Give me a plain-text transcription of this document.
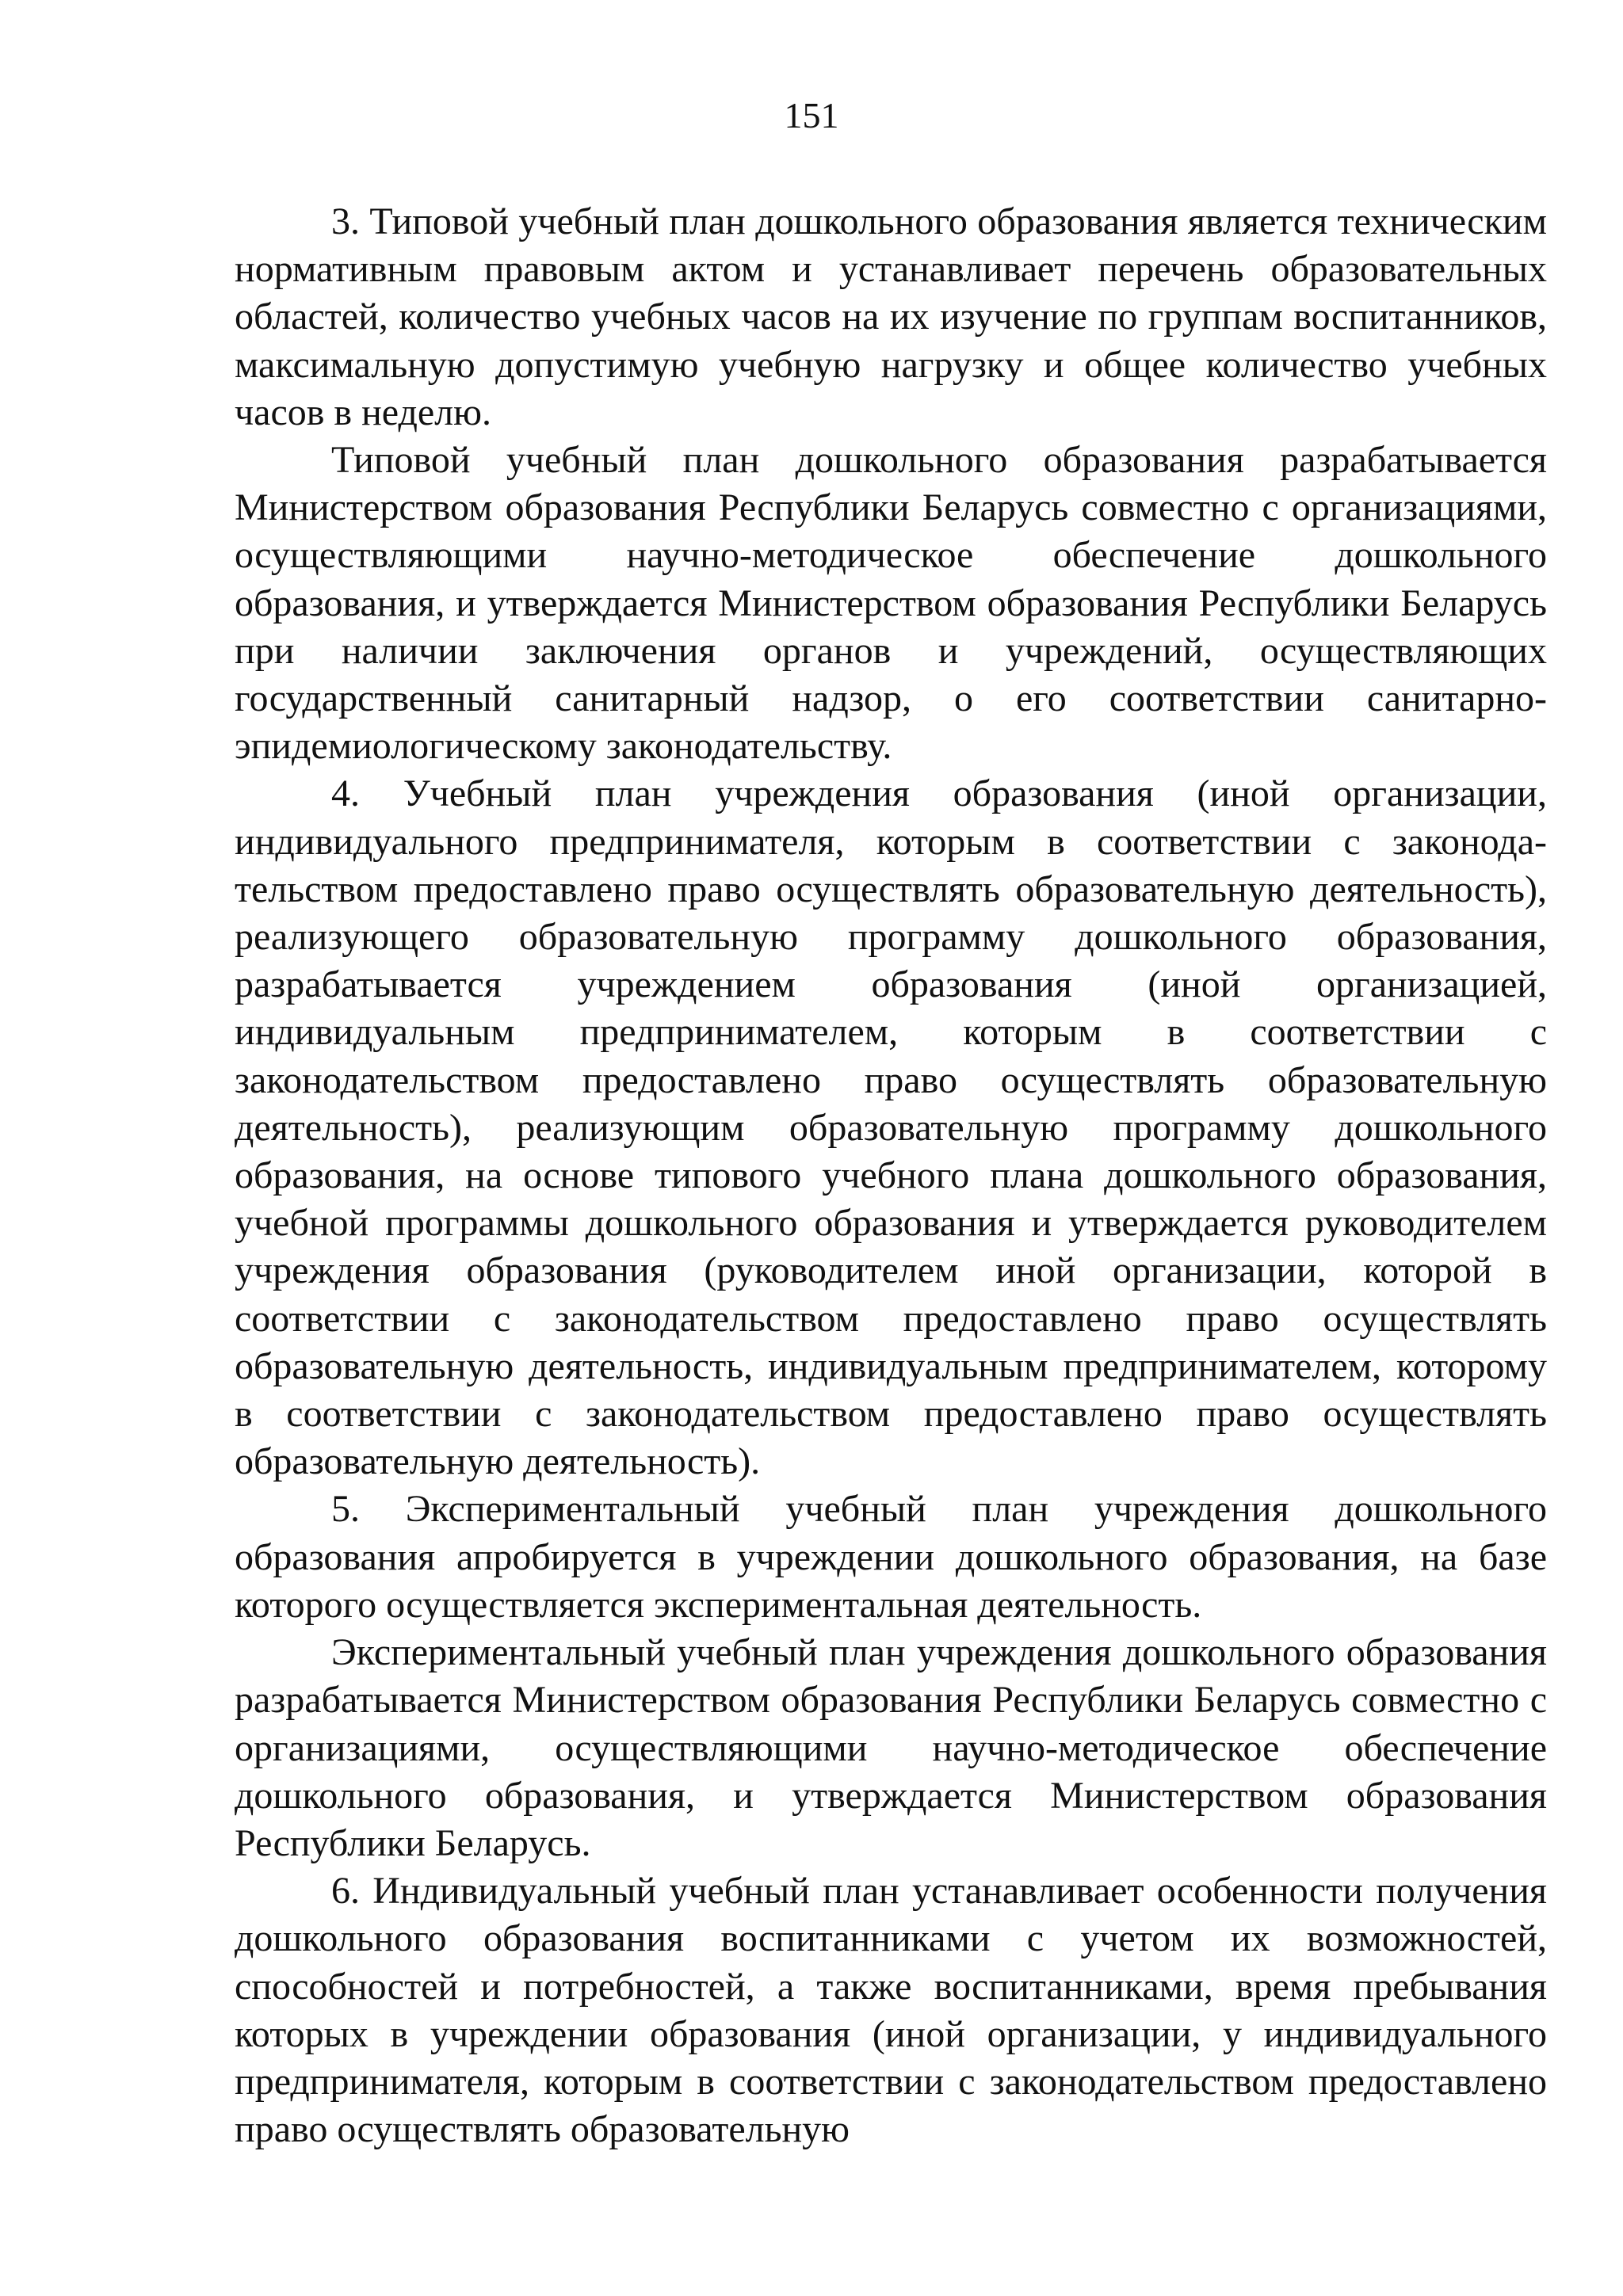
151

3. Типовой учебный план дошкольного образования является техническим нормативным правовым актом и устанавливает перечень образовательных областей, количество учебных часов на их изучение по группам воспитанников, максимальную допустимую учебную нагрузку и общее количество учебных часов в неделю.

Типовой учебный план дошкольного образования разрабатывается Министерством образования Республики Беларусь совместно с организациями, осуществляющими научно-методическое обеспечение дошкольного образования, и утверждается Министерством образования Республики Беларусь при наличии заключения органов и учреждений, осуществляющих государственный санитарный надзор, о его соответствии санитарно-эпидемиологическому законодательству.

4. Учебный план учреждения образования (иной организации, индивидуального предпринимателя, которым в соответствии с законодательством предоставлено право осуществлять образовательную деятельность), реализующего образовательную программу дошкольного образования, разрабатывается учреждением образования (иной организацией, индивидуальным предпринимателем, которым в соответствии с законодательством предоставлено право осуществлять образовательную деятельность), реализующим образовательную программу дошкольного образования, на основе типового учебного плана дошкольного образования, учебной программы дошкольного образования и утверждается руководителем учреждения образования (руководителем иной организации, которой в соответствии с законодательством предоставлено право осуществлять образовательную деятельность, индивидуальным предпринимателем, которому в соответствии с законодательством предоставлено право осуществлять образовательную деятельность).

5. Экспериментальный учебный план учреждения дошкольного образования апробируется в учреждении дошкольного образования, на базе которого осуществляется экспериментальная деятельность.

Экспериментальный учебный план учреждения дошкольного образования разрабатывается Министерством образования Республики Беларусь совместно с организациями, осуществляющими научно-методическое обеспечение дошкольного образования, и утверждается Министерством образования Республики Беларусь.

6. Индивидуальный учебный план устанавливает особенности получения дошкольного образования воспитанниками с учетом их возможностей, способностей и потребностей, а также воспитанниками, время пребывания которых в учреждении образования (иной организации, у индивидуального предпринимателя, которым в соответствии с законодательством предоставлено право осуществлять образовательную
